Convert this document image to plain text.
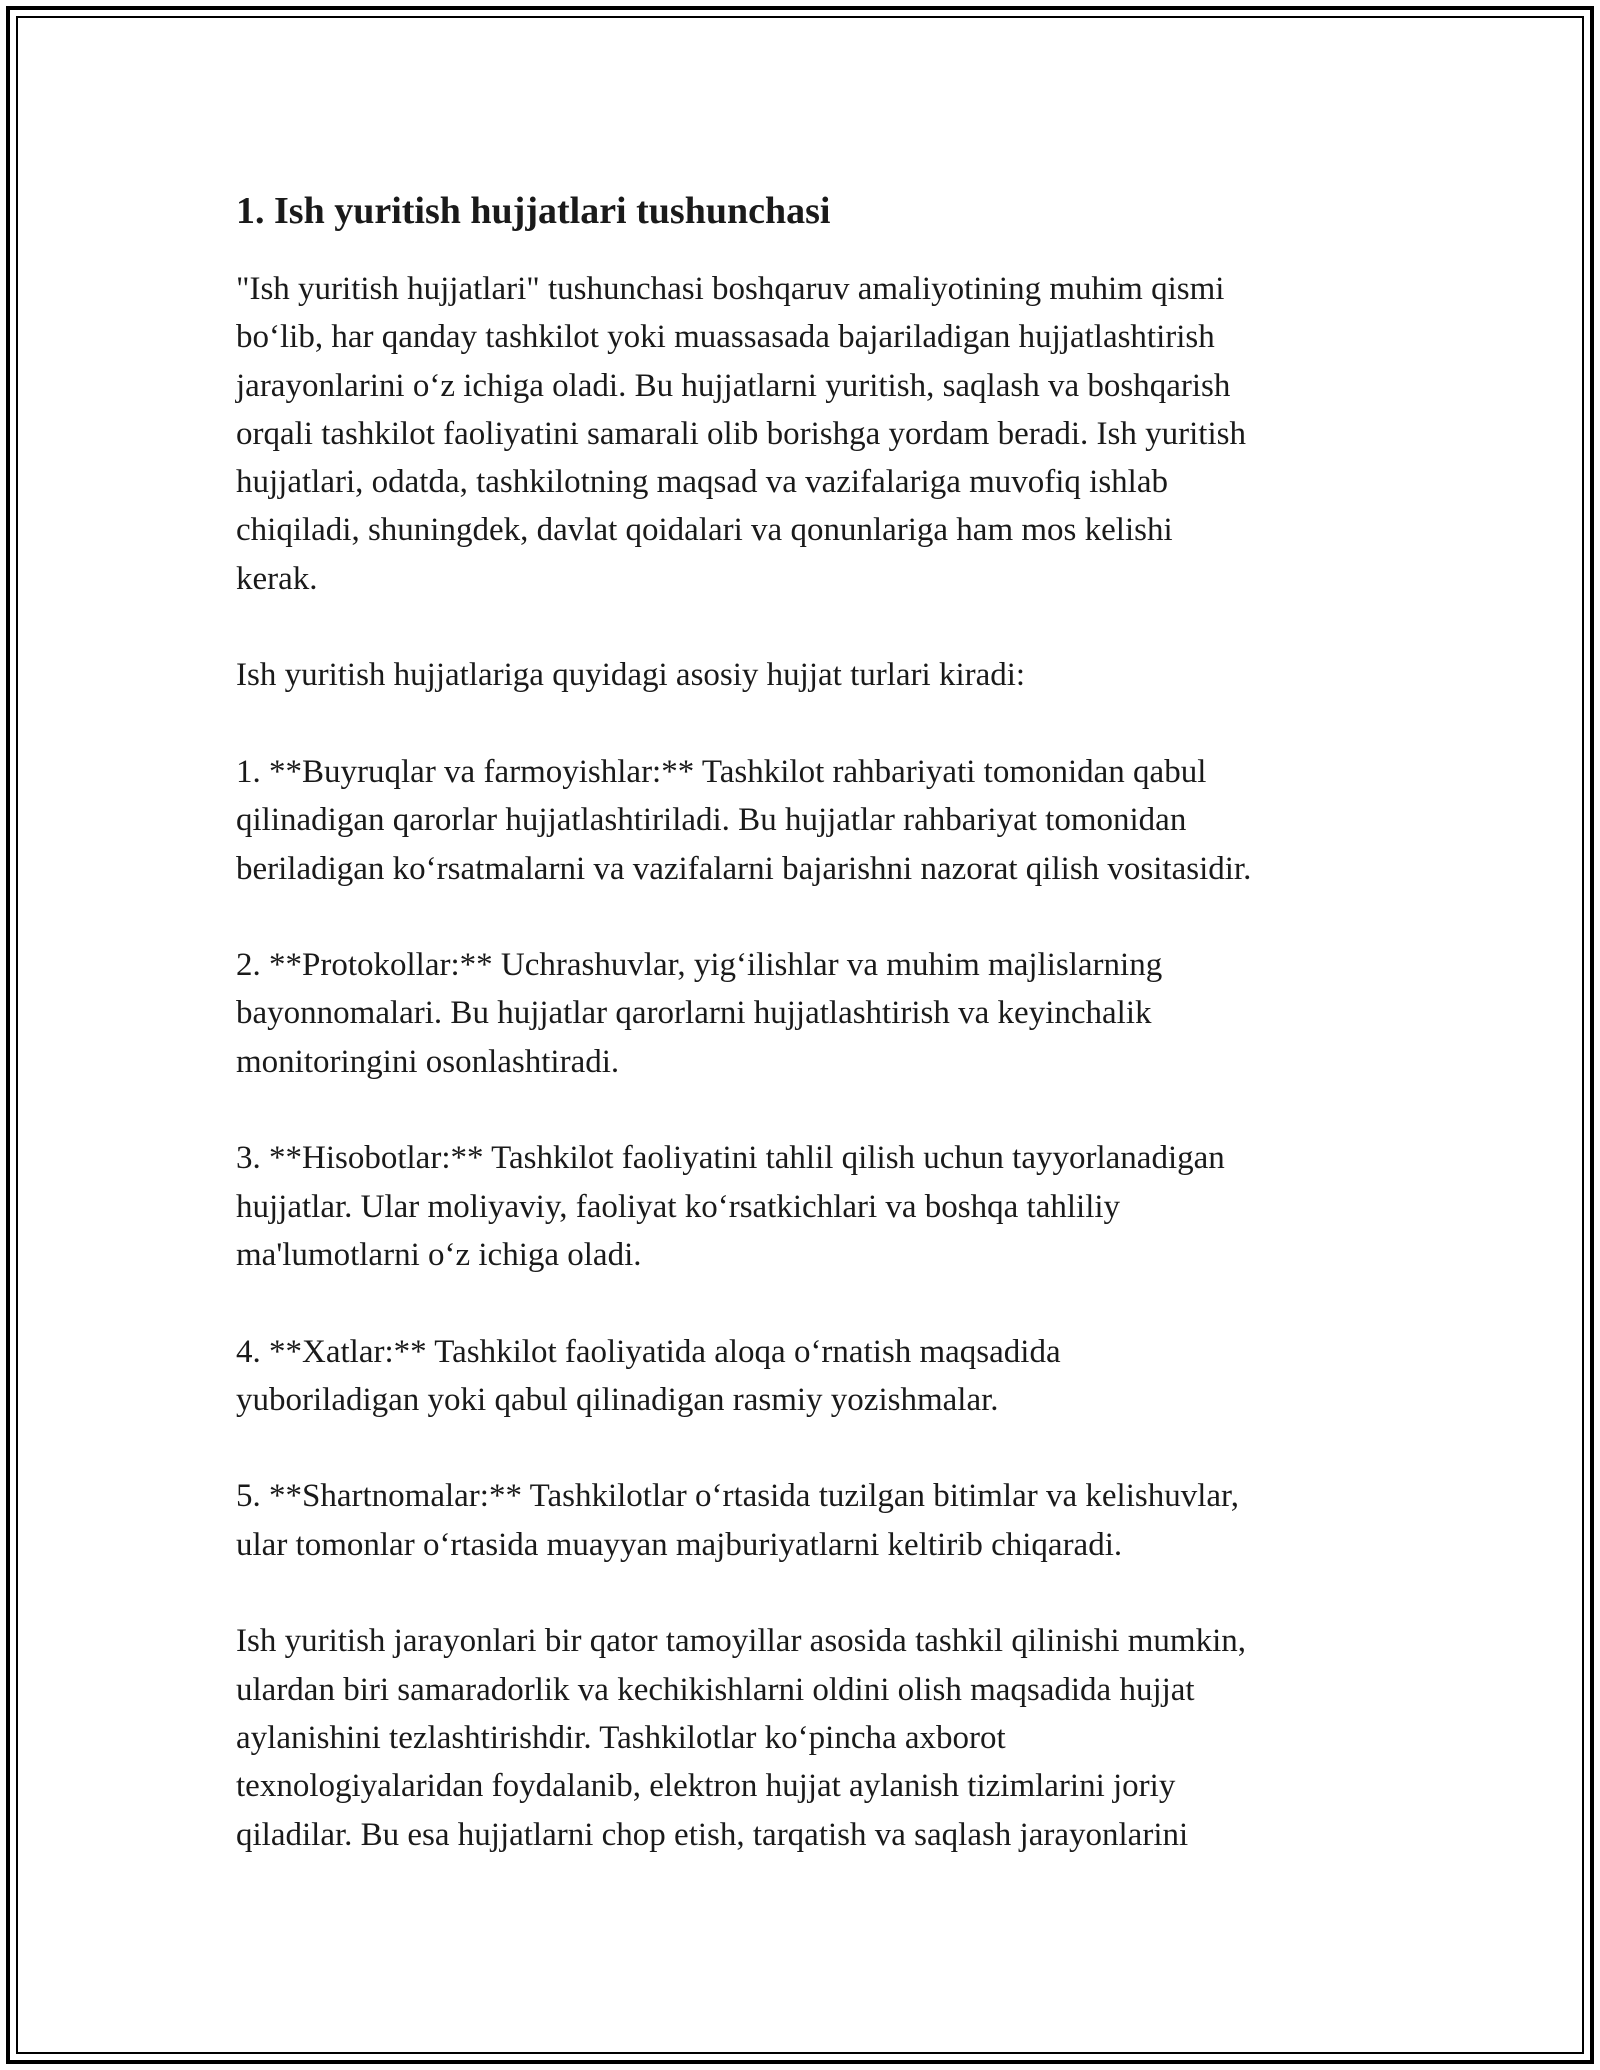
1. Ish yuritish hujjatlari tushunchasi
"Ish yuritish hujjatlari" tushunchasi boshqaruv amaliyotining muhim qismi
bo‘lib, har qanday tashkilot yoki muassasada bajariladigan hujjatlashtirish
jarayonlarini o‘z ichiga oladi. Bu hujjatlarni yuritish, saqlash va boshqarish
orqali tashkilot faoliyatini samarali olib borishga yordam beradi. Ish yuritish
hujjatlari, odatda, tashkilotning maqsad va vazifalariga muvofiq ishlab
chiqiladi, shuningdek, davlat qoidalari va qonunlariga ham mos kelishi
kerak.
Ish yuritish hujjatlariga quyidagi asosiy hujjat turlari kiradi:
1. **Buyruqlar va farmoyishlar:** Tashkilot rahbariyati tomonidan qabul
qilinadigan qarorlar hujjatlashtiriladi. Bu hujjatlar rahbariyat tomonidan
beriladigan ko‘rsatmalarni va vazifalarni bajarishni nazorat qilish vositasidir.
2. **Protokollar:** Uchrashuvlar, yig‘ilishlar va muhim majlislarning
bayonnomalari. Bu hujjatlar qarorlarni hujjatlashtirish va keyinchalik
monitoringini osonlashtiradi.
3. **Hisobotlar:** Tashkilot faoliyatini tahlil qilish uchun tayyorlanadigan
hujjatlar. Ular moliyaviy, faoliyat ko‘rsatkichlari va boshqa tahliliy
ma'lumotlarni o‘z ichiga oladi.
4. **Xatlar:** Tashkilot faoliyatida aloqa o‘rnatish maqsadida
yuboriladigan yoki qabul qilinadigan rasmiy yozishmalar.
5. **Shartnomalar:** Tashkilotlar o‘rtasida tuzilgan bitimlar va kelishuvlar,
ular tomonlar o‘rtasida muayyan majburiyatlarni keltirib chiqaradi.
Ish yuritish jarayonlari bir qator tamoyillar asosida tashkil qilinishi mumkin,
ulardan biri samaradorlik va kechikishlarni oldini olish maqsadida hujjat
aylanishini tezlashtirishdir. Tashkilotlar ko‘pincha axborot
texnologiyalaridan foydalanib, elektron hujjat aylanish tizimlarini joriy
qiladilar. Bu esa hujjatlarni chop etish, tarqatish va saqlash jarayonlarini
